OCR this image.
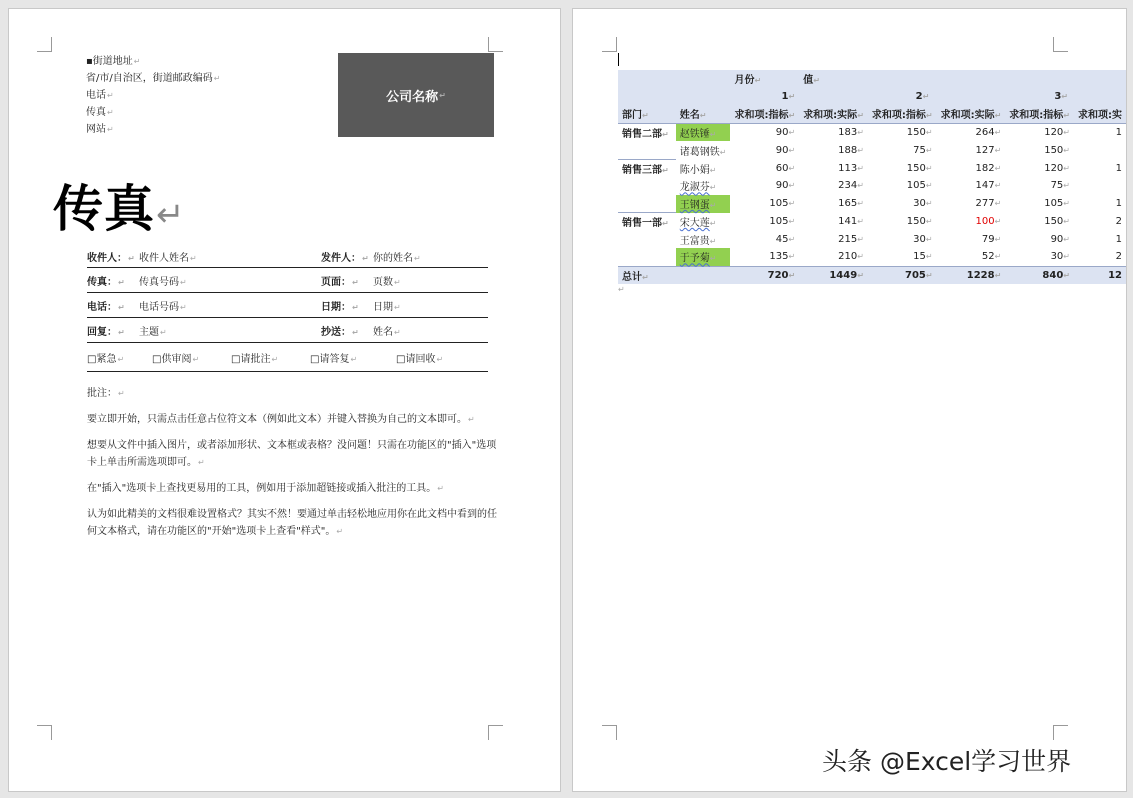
▪街道地址↵
省/市/自治区，街道邮政编码↵
电话↵
传真↵
网站↵
公司名称 ↵
传真↵
收件人：↵ 收件人姓名↵	发件人：↵ 你的姓名↵
传真：↵	传真号码↵	页面：↵	页数↵
电话：↵	电话号码↵	日期：↵	日期↵
回复：↵	主题↵	抄送：↵	姓名↵
□紧急↵	□供审阅↵	□请批注↵	□请答复↵	□请回收↵

批注：↵

要立即开始，只需点击任意占位符文本（例如此文本）并键入替换为自己的文本即可。↵

想要从文件中插入图片，或者添加形状、文本框或表格？没问题！只需在功能区的"插入"选项卡上单击所需选项即可。↵

在"插入"选项卡上查找更易用的工具，例如用于添加超链接或插入批注的工具。↵

认为如此精美的文档很难设置格式？其实不然！要通过单击轻松地应用你在此文档中看到的任何文本格式，请在功能区的"开始"选项卡上查看"样式"。↵

		月份↵	值↵				
		1↵		2↵		3↵	
部门↵	姓名↵	求和项:指标↵	求和项:实际↵	求和项:指标↵	求和项:实际↵	求和项:指标↵	求和项:实
销售二部↵	赵铁锤↵	90↵	183↵	150↵	264↵	120↵	1
	诸葛钢铁↵	90↵	188↵	75↵	127↵	150↵	
销售三部↵	陈小娟↵	60↵	113↵	150↵	182↵	120↵	1
	龙淑芬↵	90↵	234↵	105↵	147↵	75↵	
	王钢蛋↵	105↵	165↵	30↵	277↵	105↵	1
销售一部↵	宋大莲↵	105↵	141↵	150↵	100↵	150↵	2
	王富贵↵	45↵	215↵	30↵	79↵	90↵	1
	于予菊↵	135↵	210↵	15↵	52↵	30↵	2
总计↵		720↵	1449↵	705↵	1228↵	840↵	12
↵
头条 @Excel学习世界
